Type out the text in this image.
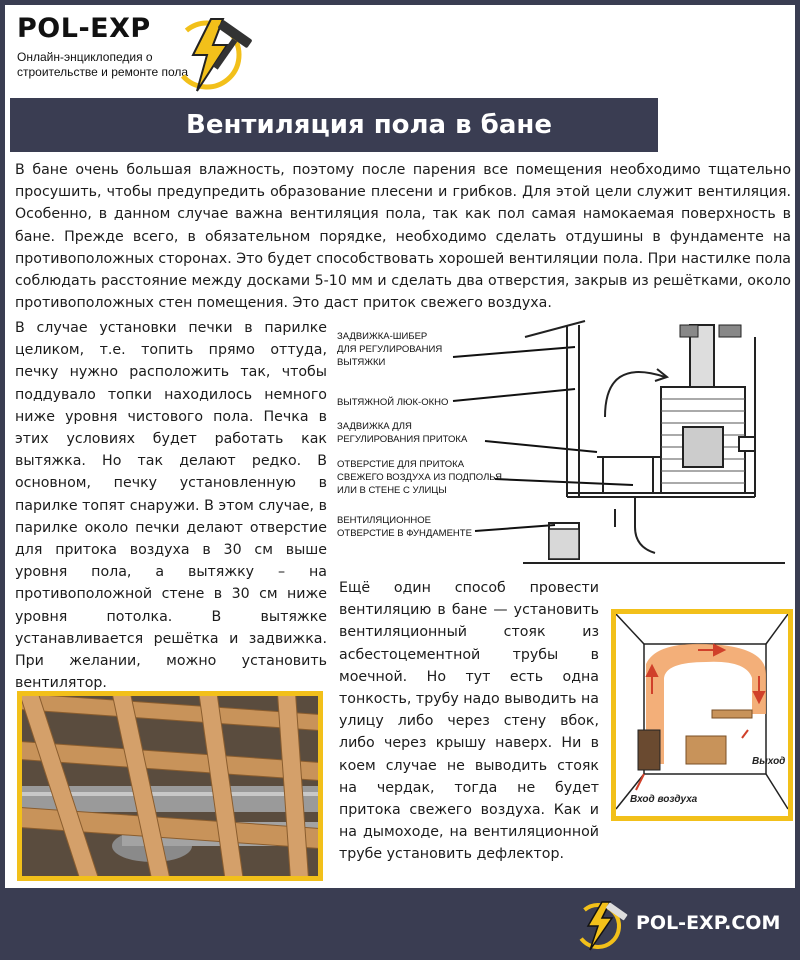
POL-EXP
Онлайн-энциклопедия о строительстве и ремонте пола
Вентиляция пола в бане

В бане очень большая влажность, поэтому после парения все помещения необходимо тщательно просушить, чтобы предупредить образование плесени и грибков. Для этой цели служит вентиляция. Особенно, в данном случае важна вентиляция пола, так как пол самая намокаемая поверхность в бане. Прежде всего, в обязательном порядке, необходимо сделать отдушины в фундаменте на противоположных сторонах. Это будет способствовать хорошей вентиляции пола. При настилке пола соблюдать расстояние между досками 5-10 мм и сделать два отверстия, закрыв из решётками, около противоположных стен помещения. Это даст приток свежего воздуха.

В случае установки печки в парилке целиком, т.е. топить прямо оттуда, печку нужно расположить так, чтобы поддувало топки находилось немного ниже уровня чистового пола. Печка в этих условиях будет работать как вытяжка. Но так делают редко. В основном, печку установленную в парилке топят снаружи. В этом случае, в парилке около печки делают отверстие для притока воздуха в 30 см выше уровня пола, а вытяжку – на противоположной стене в 30 см ниже уровня потолка. В вытяжке устанавливается решётка и задвижка. При желании, можно установить вентилятор.

ЗАДВИЖКА-ШИБЕР
ДЛЯ РЕГУЛИРОВАНИЯ
ВЫТЯЖКИ
ВЫТЯЖНОЙ ЛЮК-ОКНО
ЗАДВИЖКА ДЛЯ
РЕГУЛИРОВАНИЯ ПРИТОКА
ОТВЕРСТИЕ ДЛЯ ПРИТОКА
СВЕЖЕГО ВОЗДУХА ИЗ ПОДПОЛЬЯ
ИЛИ В СТЕНЕ С УЛИЦЫ
ВЕНТИЛЯЦИОННОЕ
ОТВЕРСТИЕ В ФУНДАМЕНТЕ

Ещё один способ провести вентиляцию в бане — установить вентиляционный стояк из асбестоцементной трубы в моечной. Но тут есть одна тонкость, трубу надо выводить на улицу либо через стену вбок, либо через крышу наверх. Ни в коем случае не выводить стояк на чердак, тогда не будет притока свежего воздуха. Как и на дымоходе, на вентиляционной трубе установить дефлектор.

Выход
Вход воздуха
POL-EXP.COM
